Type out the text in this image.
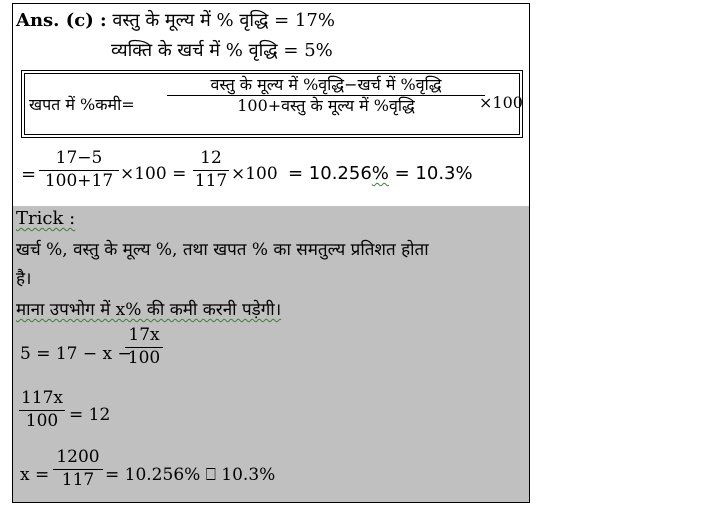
Ans. (c) : वस्तु के मूल्य में % वृद्धि = 17%
व्यक्ति के खर्च में % वृद्धि = 5%
खपत में %कमी=
वस्तु के मूल्य में %वृद्धि−खर्च में %वृद्धि
100+वस्तु के मूल्य में %वृद्धि	×100
=
17−5
100+17 ×100 =
12
117 ×100 = 10.256% = 10.3%
Trick :
खर्च %, वस्तु के मूल्य %, तथा खपत % का समतुल्य प्रतिशत होता
है।
माना उपभोग में x% की कमी करनी पड़ेगी।
5 = 17 − x −
17x
100
117x
100 = 12
x =
1200
117 = 10.256% ⎕ 10.3%
